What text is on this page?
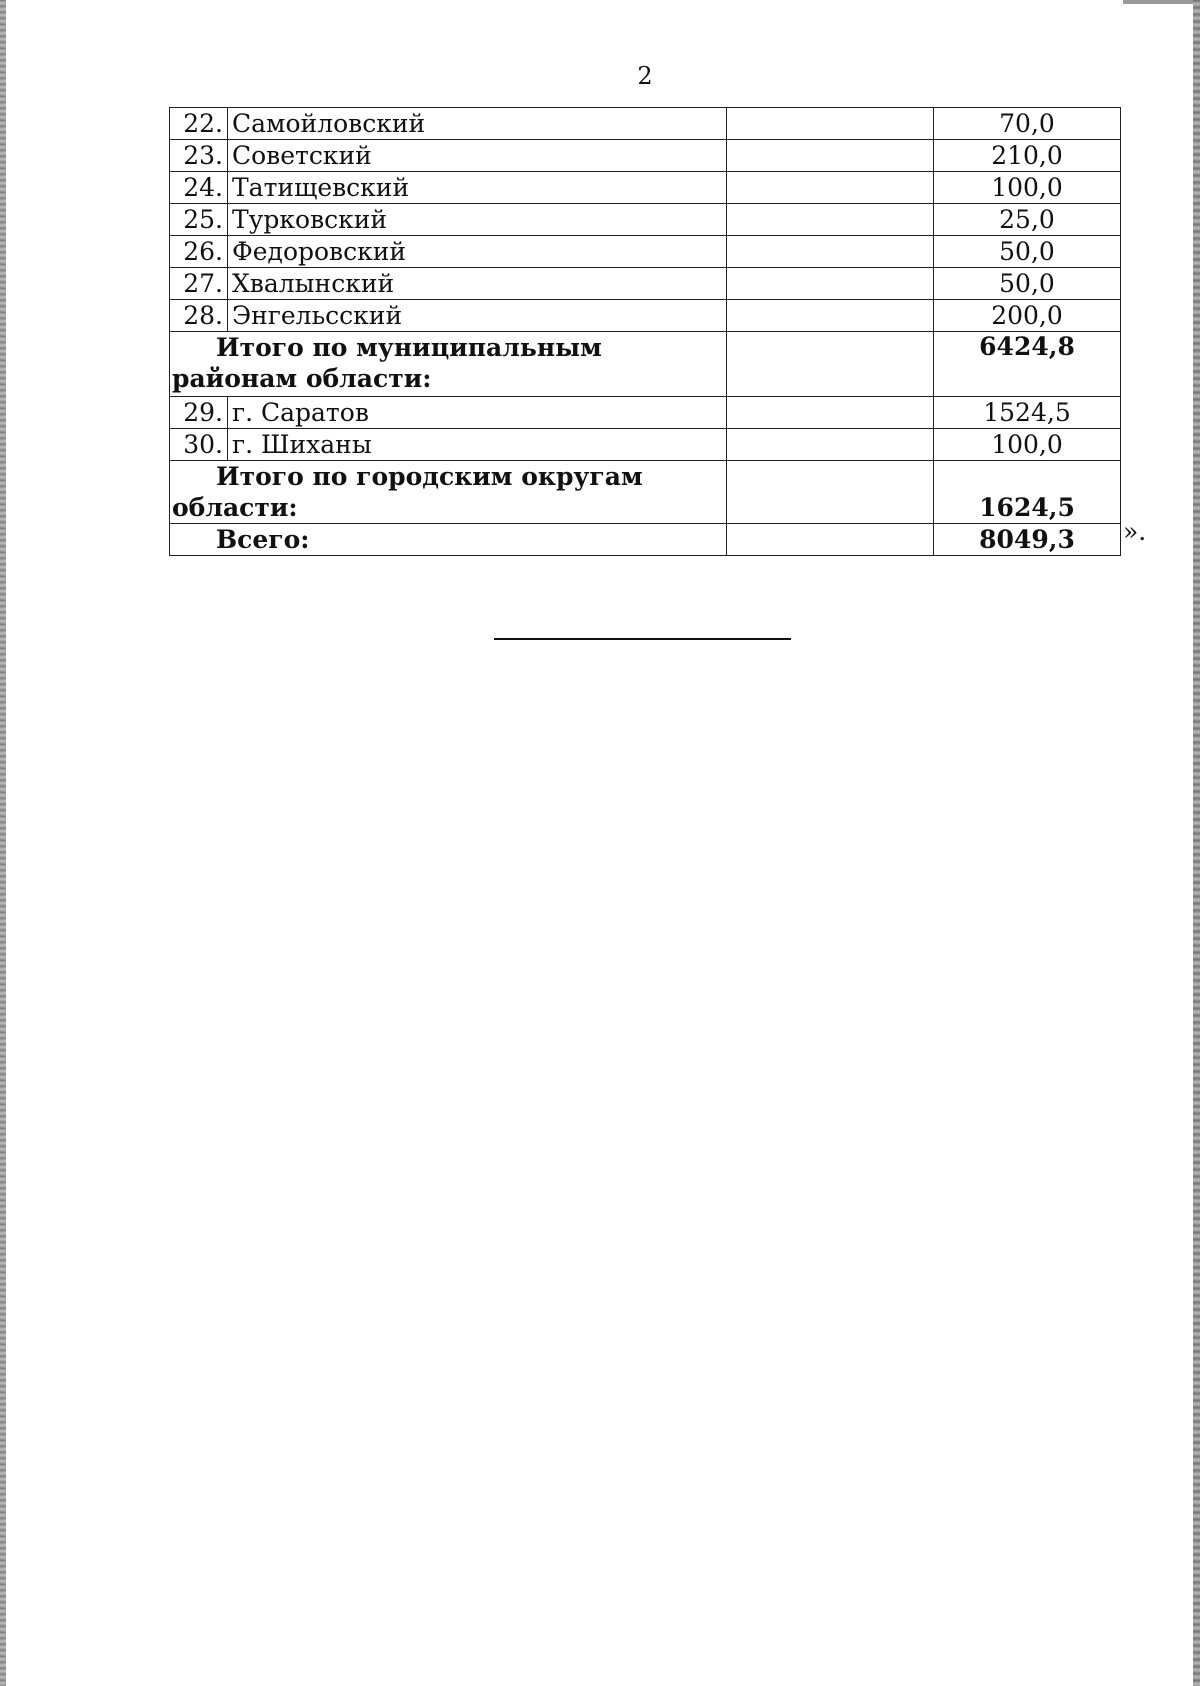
2
22.	Самойловский		70,0
23.	Советский		210,0
24.	Татищевский		100,0
25.	Турковский		25,0
26.	Федоровский		50,0
27.	Хвалынский		50,0
28.	Энгельсский		200,0
Итого по муниципальным районам области:			6424,8
29.	г. Саратов		1524,5
30.	г. Шиханы		100,0
Итого по городским округам области:			1624,5
Всего:			8049,3 ».
